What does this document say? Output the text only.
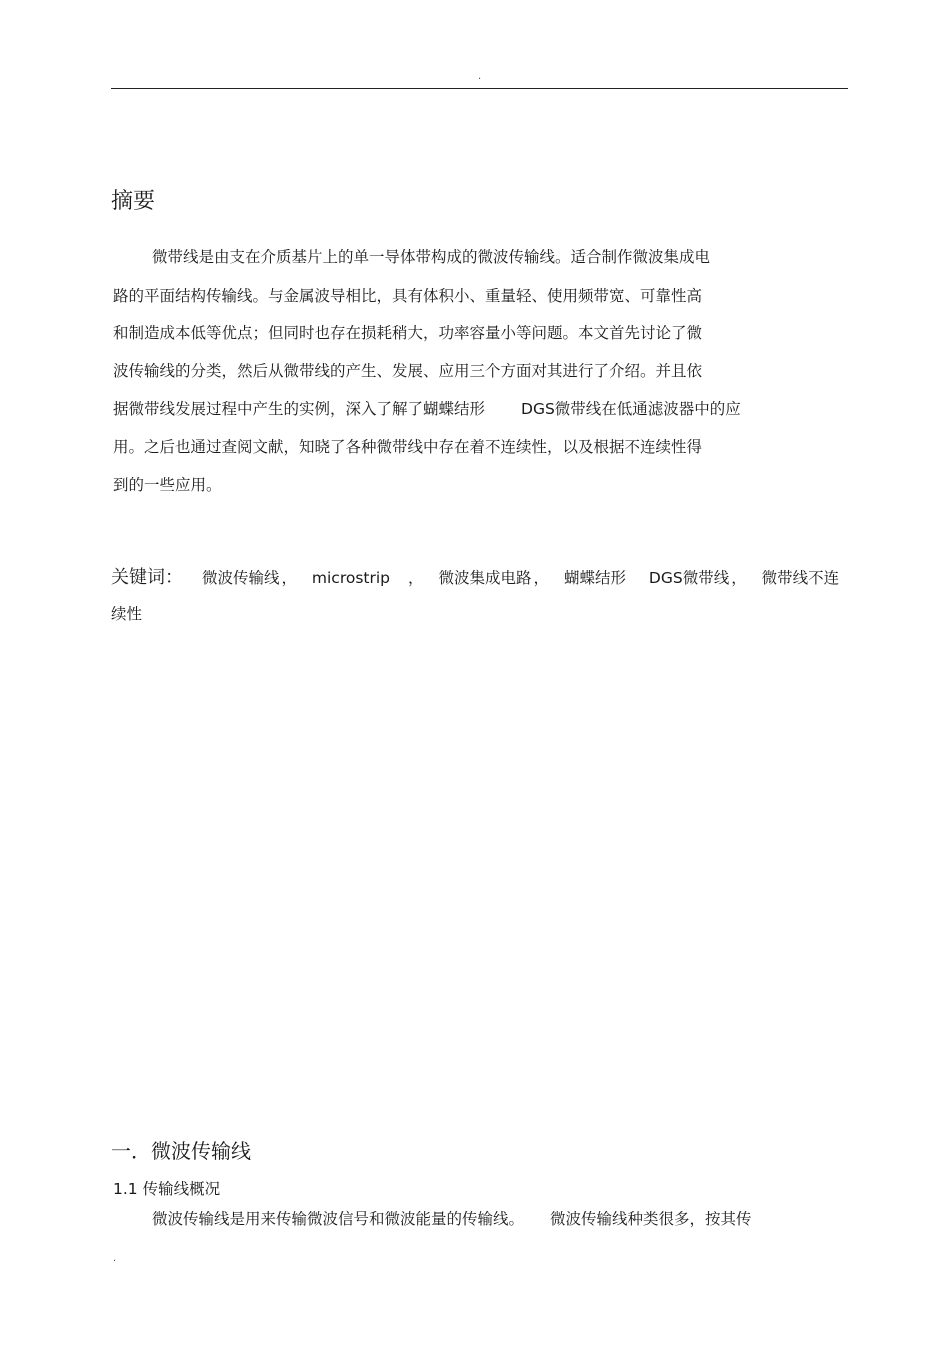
.
摘要

微带线是由支在介质基片上的单一导体带构成的微波传输线。适合制作微波集成电

路的平面结构传输线。与金属波导相比，具有体积小、重量轻、使用频带宽、可靠性高

和制造成本低等优点；但同时也存在损耗稍大，功率容量小等问题。本文首先讨论了微

波传输线的分类，然后从微带线的产生、发展、应用三个方面对其进行了介绍。并且依

据微带线发展过程中产生的实例，深入了解了蝴蝶结形 DGS微带线在低通滤波器中的应

用。之后也通过查阅文献，知晓了各种微带线中存在着不连续性，以及根据不连续性得

到的一些应用。

关键词： 微波传输线 ， microstrip ， 微波集成电路 ， 蝴蝶结形 DGS微带线 ， 微带线不连
续性
一．微波传输线
1.1 传输线概况

微波传输线是用来传输微波信号和微波能量的传输线。 微波传输线种类很多，按其传

.
